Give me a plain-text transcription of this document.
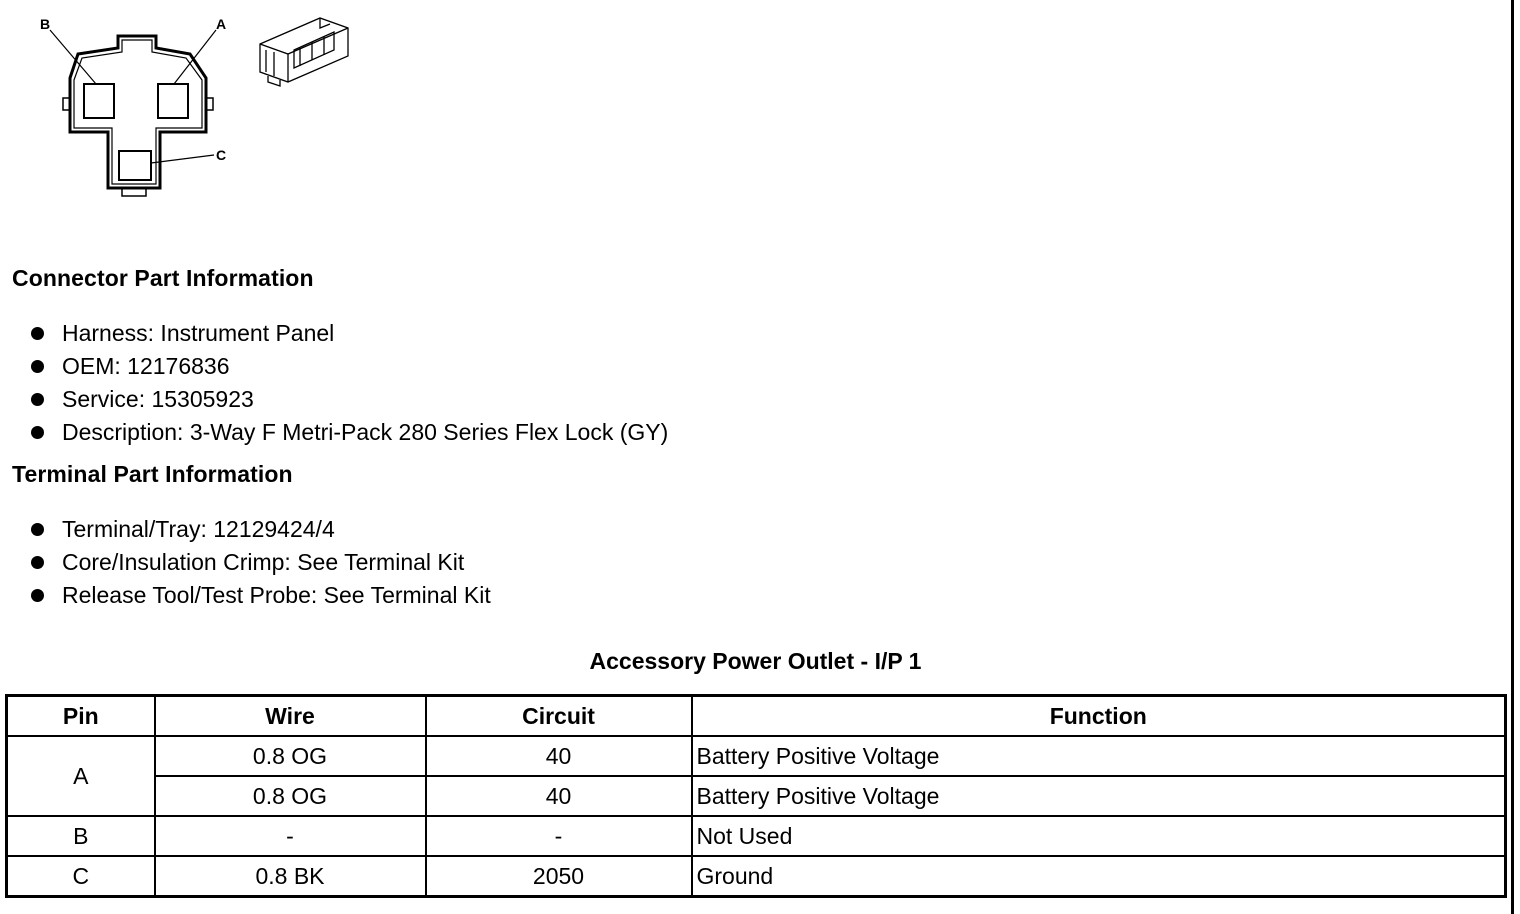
B	A
C
Connector Part Information
Harness: Instrument Panel
OEM: 12176836
Service: 15305923
Description: 3-Way F Metri-Pack 280 Series Flex Lock (GY)
Terminal Part Information
Terminal/Tray: 12129424/4
Core/Insulation Crimp: See Terminal Kit
Release Tool/Test Probe: See Terminal Kit
Accessory Power Outlet - I/P 1
Pin	Wire	Circuit	Function
A	0.8 OG	40	Battery Positive Voltage
	0.8 OG	40	Battery Positive Voltage
B	-	-	Not Used
C	0.8 BK	2050	Ground
